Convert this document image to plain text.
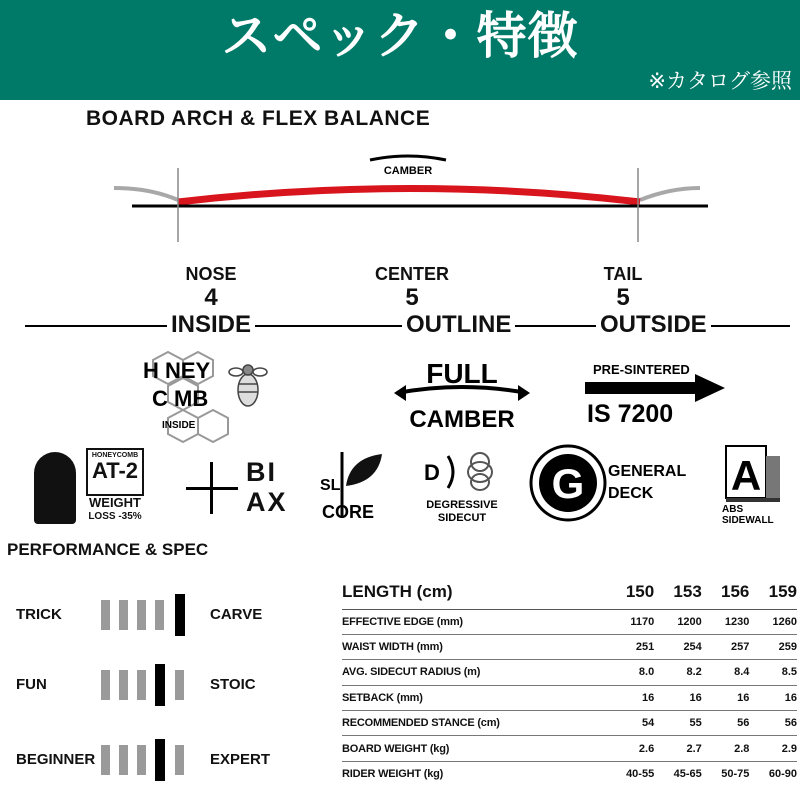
スペック・特徴
※カタログ参照
BOARD ARCH & FLEX BALANCE
CAMBER
NOSE
4
CENTER
5
TAIL
5
INSIDE	OUTLINE	OUTSIDE
H NEY
C MB
INSIDE
FULL
CAMBER
PRE-SINTERED
IS 7200
HONEYCOMB
AT-2
WEIGHT
LOSS -35%
BI
AX
SL
CORE
D
DEGRESSIVE
SIDECUT
G GENERAL
DECK A
ABS
SIDEWALL
PERFORMANCE & SPEC
TRICK	CARVE
FUN	STOIC
BEGINNER	EXPERT
LENGTH (cm)	150	153	156	159
EFFECTIVE EDGE (mm)	1170	1200	1230	1260
WAIST WIDTH (mm)	251	254	257	259
AVG. SIDECUT RADIUS (m)	8.0	8.2	8.4	8.5
SETBACK (mm)	16	16	16	16
RECOMMENDED STANCE (cm)	54	55	56	56
BOARD WEIGHT (kg)	2.6	2.7	2.8	2.9
RIDER WEIGHT (kg)	40-55	45-65	50-75	60-90
